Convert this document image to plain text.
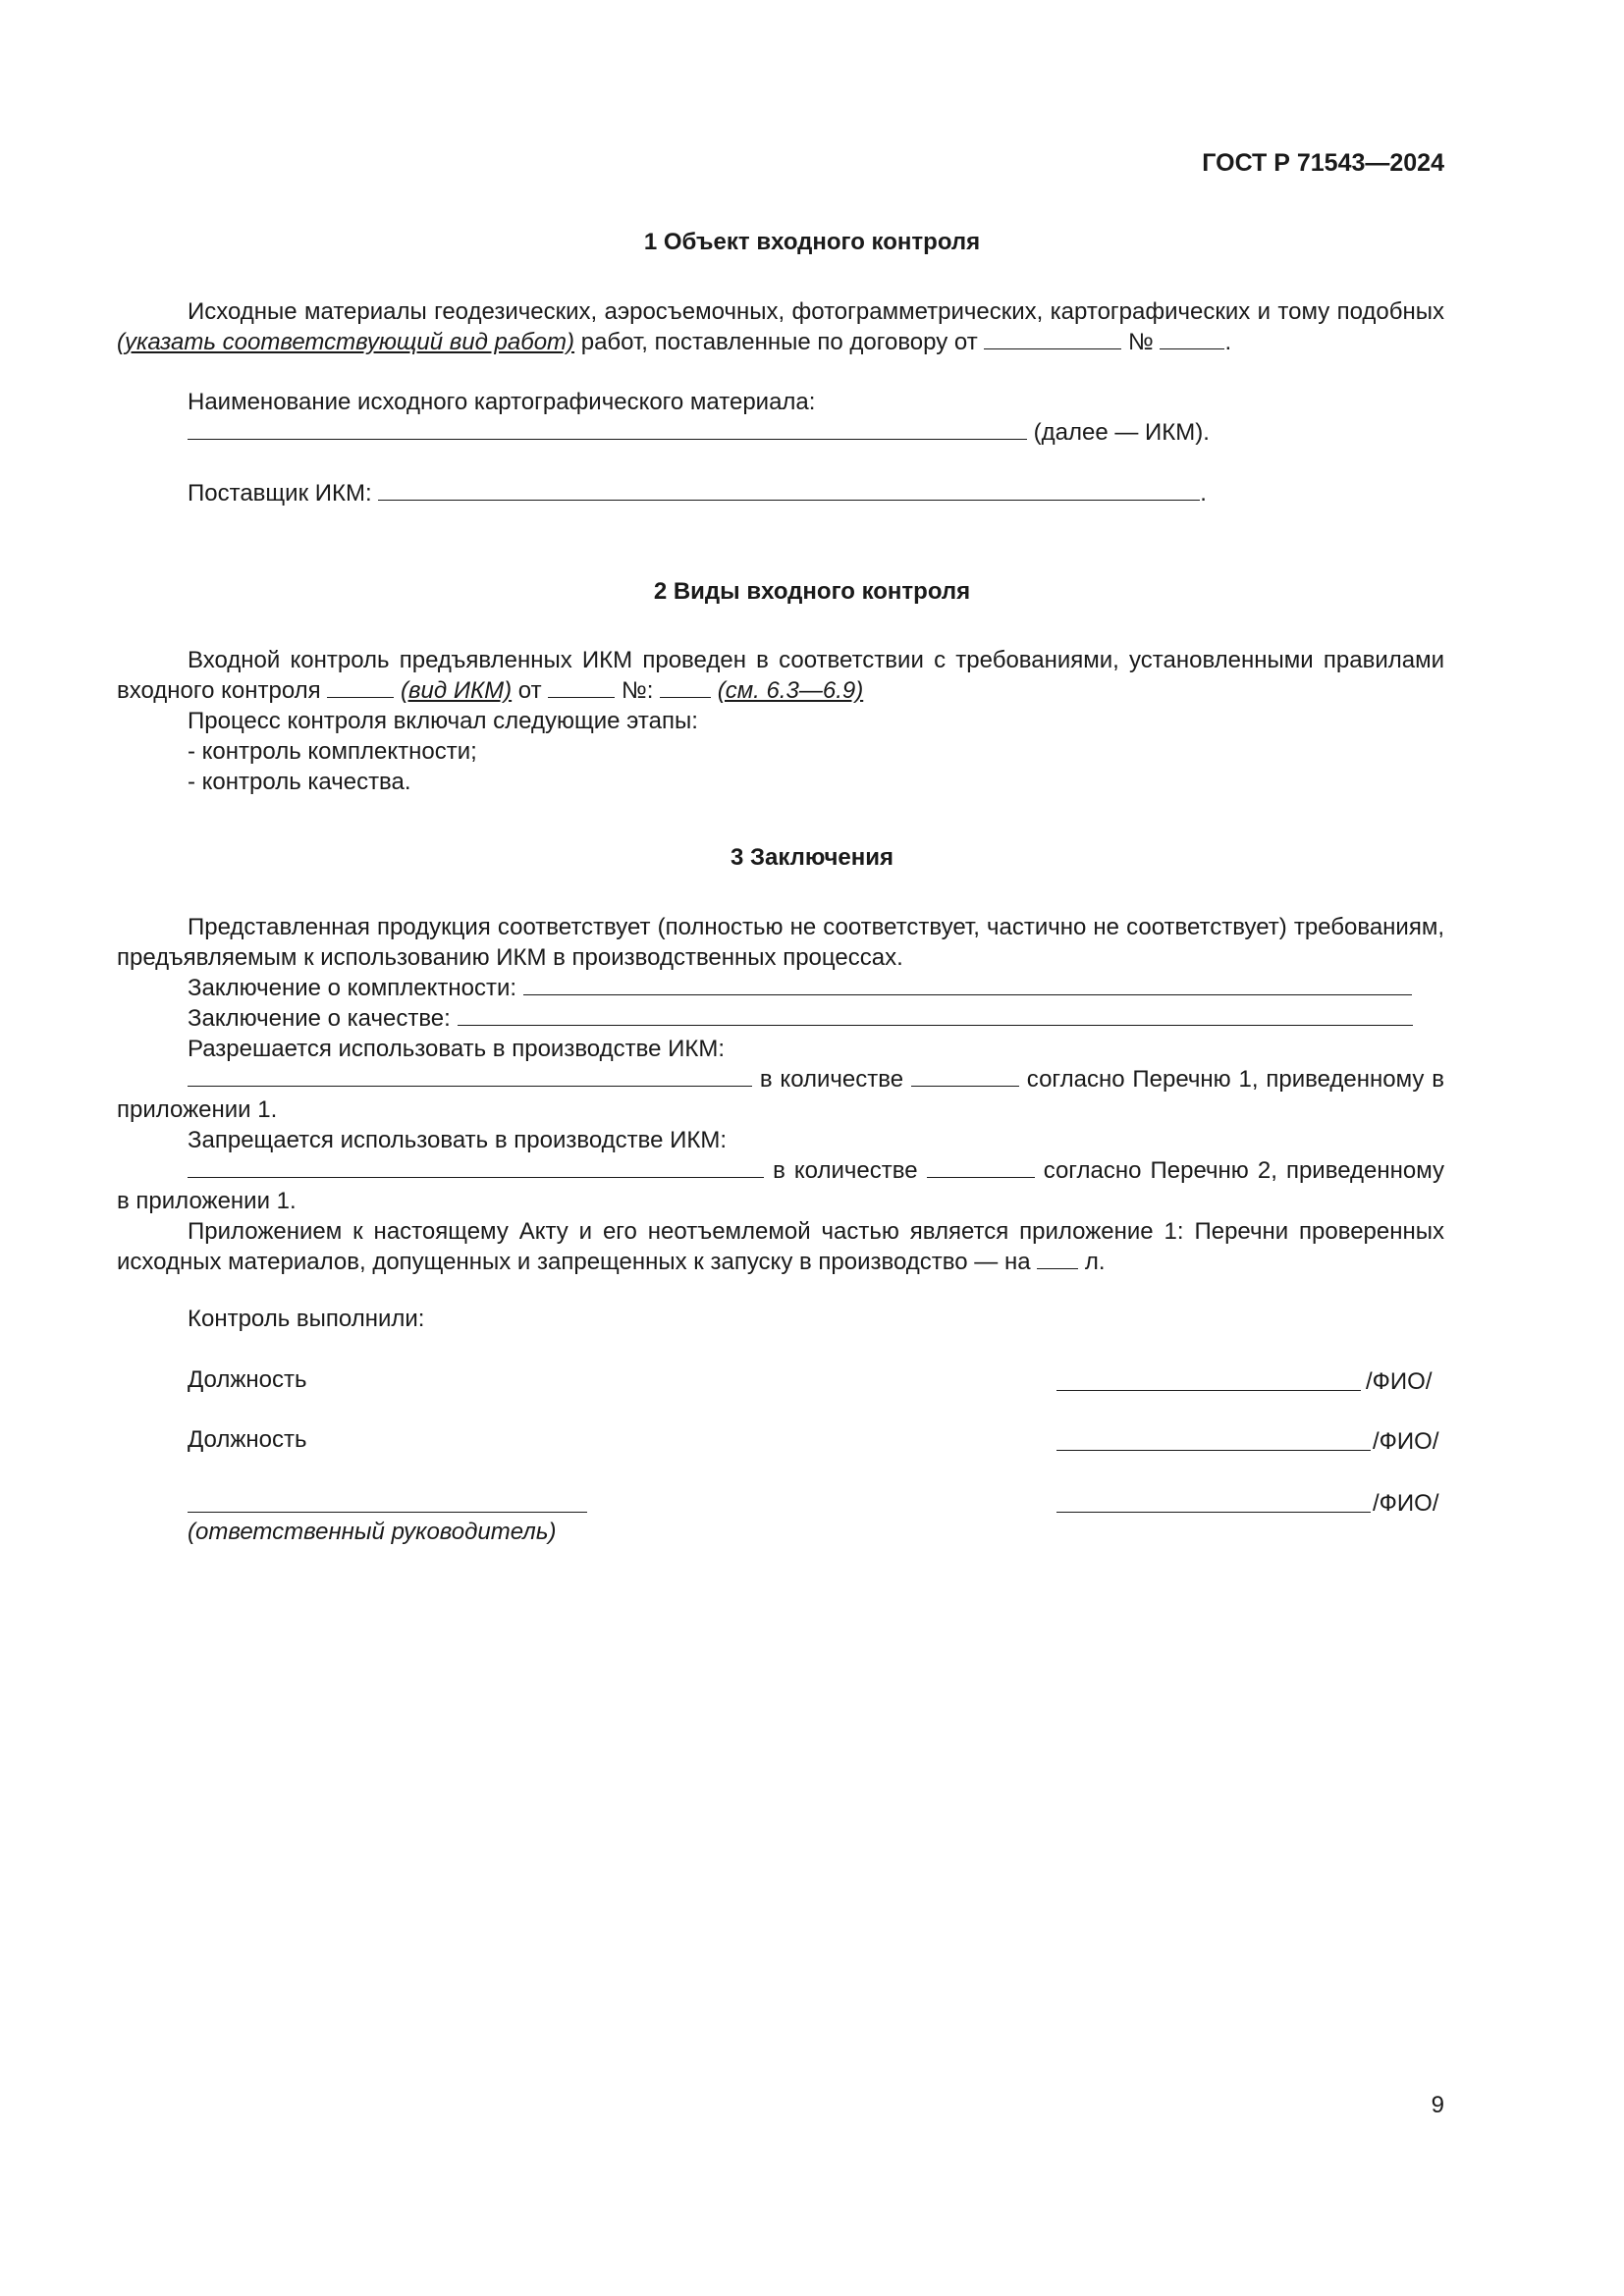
ГОСТ Р 71543—2024
1 Объект входного контроля

Исходные материалы геодезических, аэросъемочных, фотограмметрических, картографических и тому подобных (указать соответствующий вид работ) работ, поставленные по договору от	№	.

Наименование исходного картографического материала:

(далее — ИКМ).

Поставщик ИКМ:	.

2 Виды входного контроля

Входной контроль предъявленных ИКМ проведен в соответствии с требованиями, установленными правилами входного контроля	(вид ИКМ) от	№:  (см. 6.3—6.9)

Процесс контроля включал следующие этапы:

- контроль комплектности;

- контроль качества.

3 Заключения

Представленная продукция соответствует (полностью не соответствует, частично не соответствует) требованиям, предъявляемым к использованию ИКМ в производственных процессах.

Заключение о комплектности:

Заключение о качестве:

Разрешается использовать в производстве ИКМ:

в количестве	согласно Перечню 1, приведенному в приложении 1.

Запрещается использовать в производстве ИКМ:

в количестве	согласно Перечню 2, приведенному в приложении 1.

Приложением к настоящему Акту и его неотъемлемой частью является приложение 1: Перечни проверенных исходных материалов, допущенных и запрещенных к запуску в производство — на  л.

Контроль выполнили:

Должность	/ФИО/

Должность	/ФИО/
/ФИО/

(ответственный руководитель)

9
